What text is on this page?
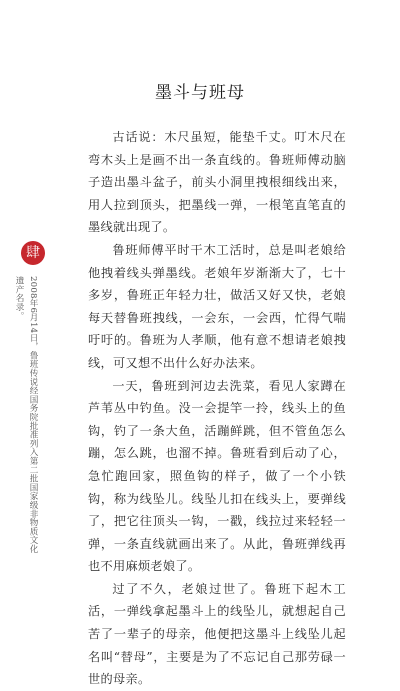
墨斗与班母

古话说：木尺虽短，能垫千丈。叮木尺在弯木头上是画不出一条直线的。鲁班师傅动脑子造出墨斗盆子，前头小洞里拽根细线出来，用人拉到顶头，把墨线一弹，一根笔直笔直的墨线就出现了。

鲁班师傅平时干木工活时，总是叫老娘给他拽着线头弹墨线。老娘年岁渐渐大了，七十多岁，鲁班正年轻力壮，做活又好又快，老娘每天替鲁班拽线，一会东，一会西，忙得气喘吁吁的。鲁班为人孝顺，他有意不想请老娘拽线，可又想不出什么好办法来。

一天，鲁班到河边去洗菜，看见人家蹲在芦苇丛中钓鱼。没一会提竿一拎，线头上的鱼钩，钓了一条大鱼，活蹦鲜跳，但不管鱼怎么蹦，怎么跳，也溜不掉。鲁班看到后动了心，急忙跑回家，照鱼钩的样子，做了一个小铁钩，称为线坠儿。线坠儿扣在线头上，要弹线了，把它往顶头一钩，一戳，线拉过来轻轻一弹，一条直线就画出来了。从此，鲁班弹线再也不用麻烦老娘了。

过了不久，老娘过世了。鲁班下起木工活，一弹线拿起墨斗上的线坠儿，就想起自己苦了一辈子的母亲，他便把这墨斗上线坠儿起名叫“替母”，主要是为了不忘记自己那劳碌一世的母亲。

肆
2008年6月14日，鲁班传说经国务院批准列入第二批国家级非物质文化遗产名录。
